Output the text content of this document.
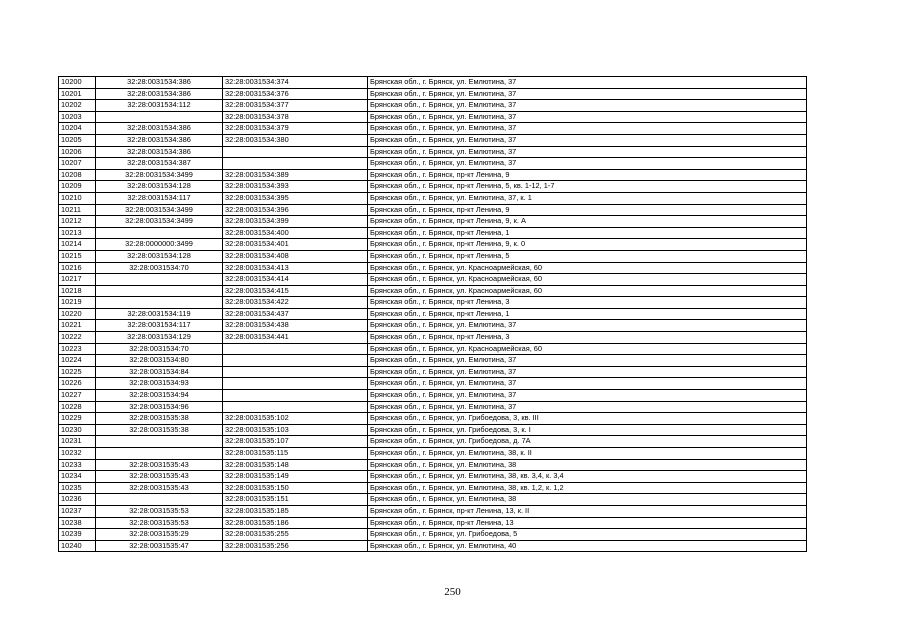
10200	32:28:0031534:386	32:28:0031534:374	Брянская обл., г. Брянск, ул. Емлютина, 37
10201	32:28:0031534:386	32:28:0031534:376	Брянская обл., г. Брянск, ул. Емлютина, 37
10202	32:28:0031534:112	32:28:0031534:377	Брянская обл., г. Брянск, ул. Емлютина, 37
10203		32:28:0031534:378	Брянская обл., г. Брянск, ул. Емлютина, 37
10204	32:28:0031534:386	32:28:0031534:379	Брянская обл., г. Брянск, ул. Емлютина, 37
10205	32:28:0031534:386	32:28:0031534:380	Брянская обл., г. Брянск, ул. Емлютина, 37
10206	32:28:0031534:386		Брянская обл., г. Брянск, ул. Емлютина, 37
10207	32:28:0031534:387		Брянская обл., г. Брянск, ул. Емлютина, 37
10208	32:28:0031534:3499	32:28:0031534:389	Брянская обл., г. Брянск, пр-кт Ленина, 9
10209	32:28:0031534:128	32:28:0031534:393	Брянская обл., г. Брянск, пр-кт Ленина, 5, кв. 1-12, 1-7
10210	32:28:0031534:117	32:28:0031534:395	Брянская обл., г. Брянск, ул. Емлютина, 37, к. 1
10211	32:28:0031534:3499	32:28:0031534:396	Брянская обл., г. Брянск, пр-кт Ленина, 9
10212	32:28:0031534:3499	32:28:0031534:399	Брянская обл., г. Брянск, пр-кт Ленина, 9, к. А
10213		32:28:0031534:400	Брянская обл., г. Брянск, пр-кт Ленина, 1
10214	32:28:0000000:3499	32:28:0031534:401	Брянская обл., г. Брянск, пр-кт Ленина, 9, к. 0
10215	32:28:0031534:128	32:28:0031534:408	Брянская обл., г. Брянск, пр-кт Ленина, 5
10216	32:28:0031534:70	32:28:0031534:413	Брянская обл., г. Брянск, ул. Красноармейская, 60
10217		32:28:0031534:414	Брянская обл., г. Брянск, ул. Красноармейская, 60
10218		32:28:0031534:415	Брянская обл., г. Брянск, ул. Красноармейская, 60
10219		32:28:0031534:422	Брянская обл., г. Брянск, пр-кт Ленина, 3
10220	32:28:0031534:119	32:28:0031534:437	Брянская обл., г. Брянск, пр-кт Ленина, 1
10221	32:28:0031534:117	32:28:0031534:438	Брянская обл., г. Брянск, ул. Емлютина, 37
10222	32:28:0031534:129	32:28:0031534:441	Брянская обл., г. Брянск, пр-кт Ленина, 3
10223	32:28:0031534:70		Брянская обл., г. Брянск, ул. Красноармейская, 60
10224	32:28:0031534:80		Брянская обл., г. Брянск, ул. Емлютина, 37
10225	32:28:0031534:84		Брянская обл., г. Брянск, ул. Емлютина, 37
10226	32:28:0031534:93		Брянская обл., г. Брянск, ул. Емлютина, 37
10227	32:28:0031534:94		Брянская обл., г. Брянск, ул. Емлютина, 37
10228	32:28:0031534:96		Брянская обл., г. Брянск, ул. Емлютина, 37
10229	32:28:0031535:38	32:28:0031535:102	Брянская обл., г. Брянск, ул. Грибоедова, 3, кв. III
10230	32:28:0031535:38	32:28:0031535:103	Брянская обл., г. Брянск, ул. Грибоедова, 3, к. I
10231		32:28:0031535:107	Брянская обл., г. Брянск, ул. Грибоедова, д. 7А
10232		32:28:0031535:115	Брянская обл., г. Брянск, ул. Емлютина, 38, к. II
10233	32:28:0031535:43	32:28:0031535:148	Брянская обл., г. Брянск, ул. Емлютина, 38
10234	32:28:0031535:43	32:28:0031535:149	Брянская обл., г. Брянск, ул. Емлютина, 38, кв. 3,4, к. 3,4
10235	32:28:0031535:43	32:28:0031535:150	Брянская обл., г. Брянск, ул. Емлютина, 38, кв. 1,2, к. 1,2
10236		32:28:0031535:151	Брянская обл., г. Брянск, ул. Емлютина, 38
10237	32:28:0031535:53	32:28:0031535:185	Брянская обл., г. Брянск, пр-кт Ленина, 13, к. II
10238	32:28:0031535:53	32:28:0031535:186	Брянская обл., г. Брянск, пр-кт Ленина, 13
10239	32:28:0031535:29	32:28:0031535:255	Брянская обл., г. Брянск, ул. Грибоедова, 5
10240	32:28:0031535:47	32:28:0031535:256	Брянская обл., г. Брянск, ул. Емлютина, 40
250
